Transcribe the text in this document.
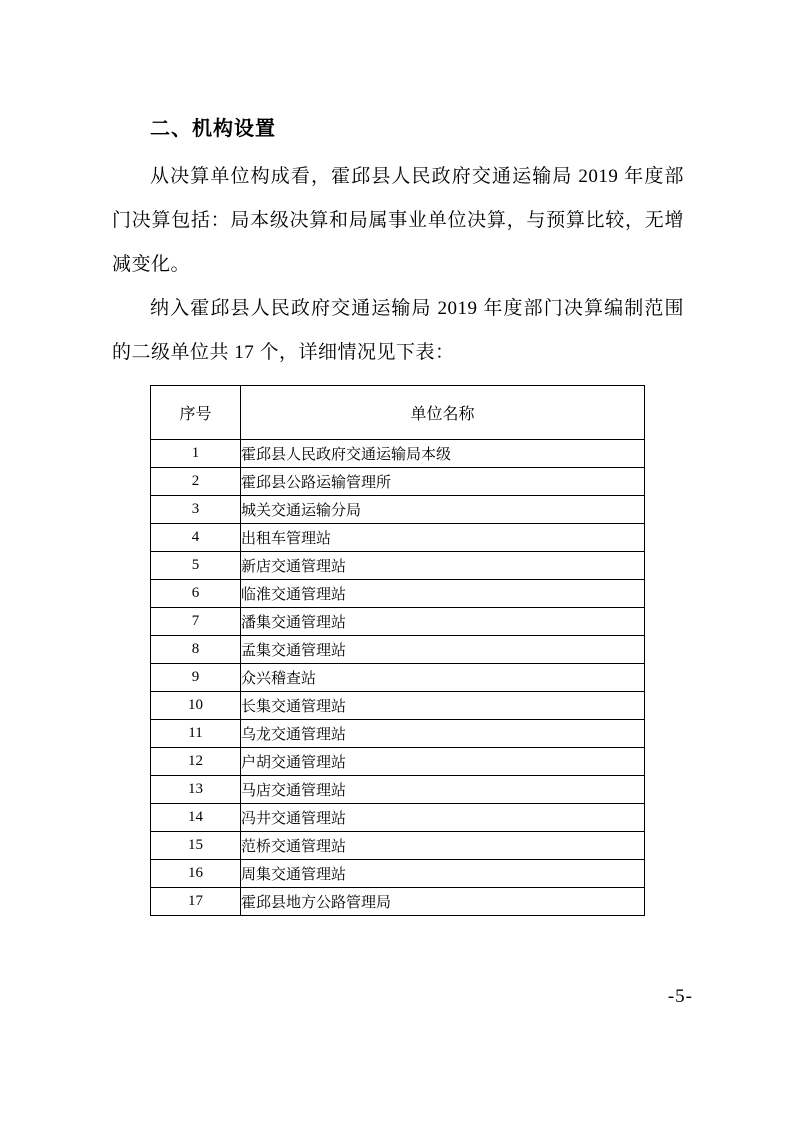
二、机构设置

从决算单位构成看，霍邱县人民政府交通运输局 2019 年度部门决算包括：局本级决算和局属事业单位决算，与预算比较，无增减变化。

纳入霍邱县人民政府交通运输局 2019 年度部门决算编制范围的二级单位共 17 个，详细情况见下表：

序号	单位名称
1	霍邱县人民政府交通运输局本级
2	霍邱县公路运输管理所
3	城关交通运输分局
4	出租车管理站
5	新店交通管理站
6	临淮交通管理站
7	潘集交通管理站
8	孟集交通管理站
9	众兴稽查站
10	长集交通管理站
11	乌龙交通管理站
12	户胡交通管理站
13	马店交通管理站
14	冯井交通管理站
15	范桥交通管理站
16	周集交通管理站
17	霍邱县地方公路管理局
-5-
